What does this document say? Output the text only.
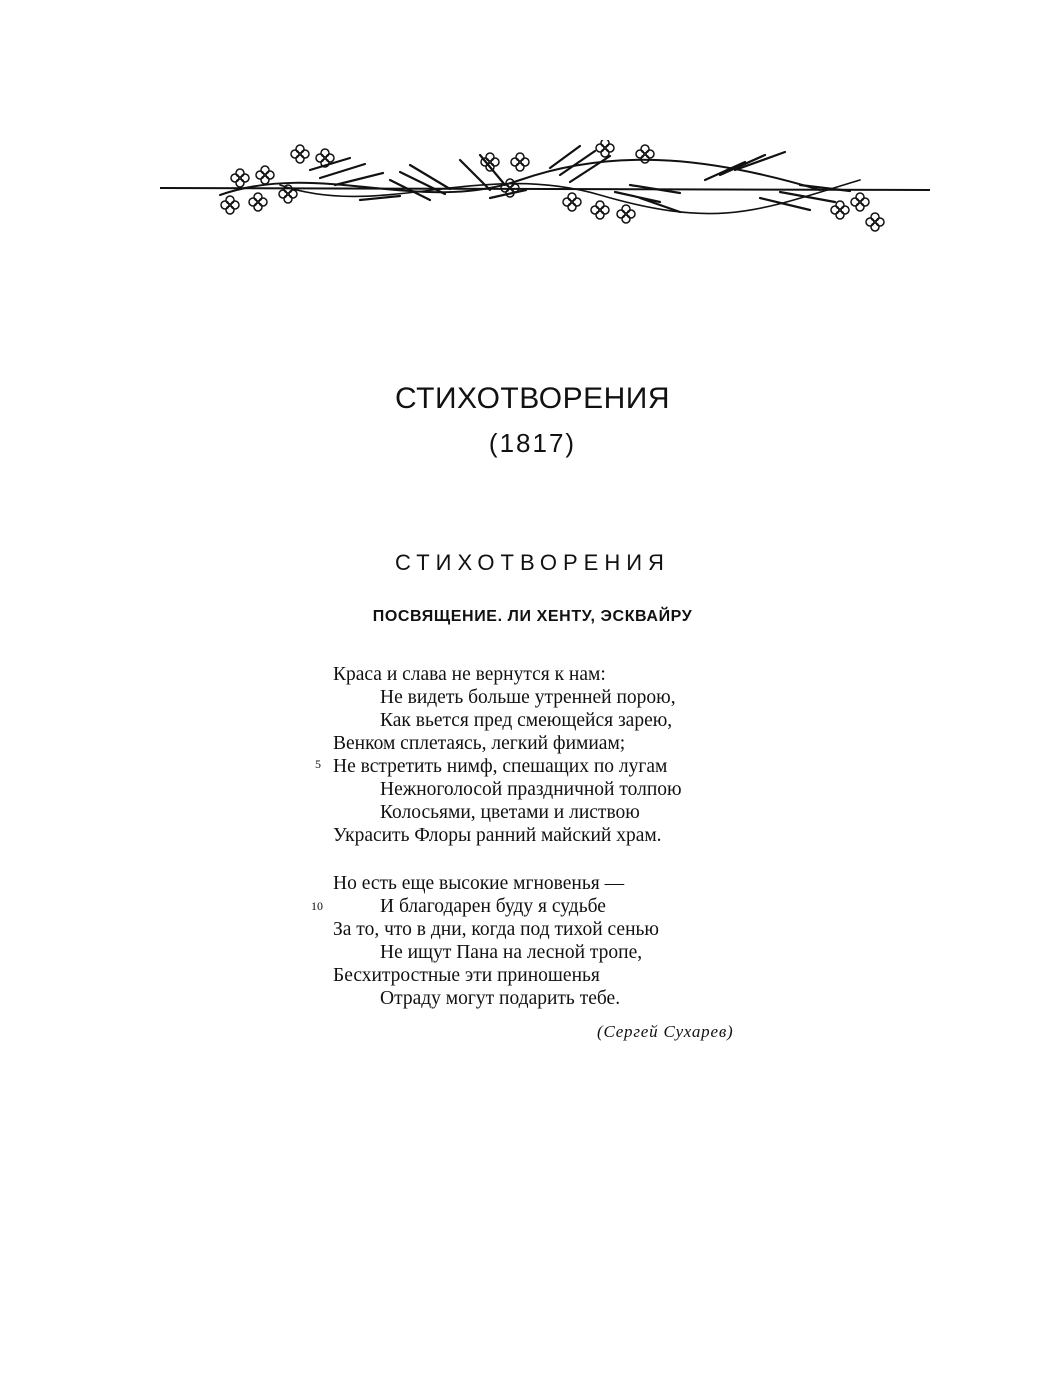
СТИХОТВОРЕНИЯ
(1817)
СТИХОТВОРЕНИЯ
ПОСВЯЩЕНИЕ. ЛИ ХЕНТУ, ЭСКВАЙРУ
Краса и слава не вернутся к нам:
Не видеть больше утренней порою,
Как вьется пред смеющейся зарею,
Венком сплетаясь, легкий фимиам;
5 Не встретить нимф, спешащих по лугам
Нежноголосой праздничной толпою
Колосьями, цветами и листвою
Украсить Флоры ранний майский храм.
Но есть еще высокие мгновенья —
10	И благодарен буду я судьбе
За то, что в дни, когда под тихой сенью
Не ищут Пана на лесной тропе,
Бесхитростные эти приношенья
Отраду могут подарить тебе.
(Сергей Сухарев)
